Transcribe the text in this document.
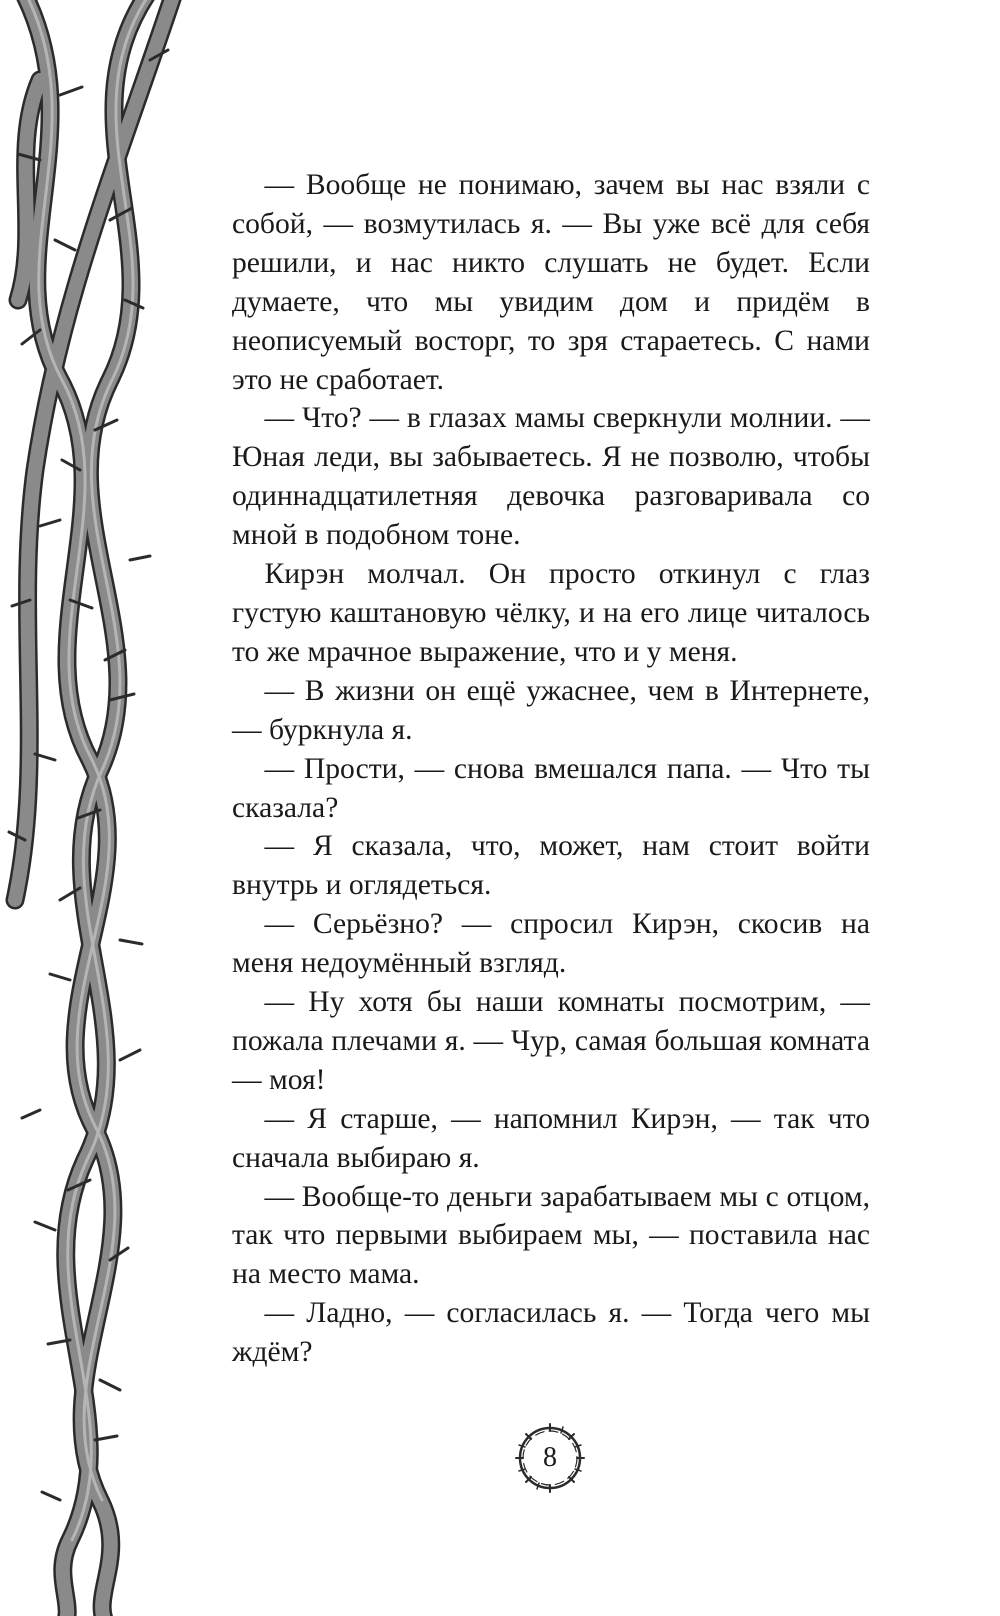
— Вообще не понимаю, зачем вы нас взяли с собой, — возмутилась я. — Вы уже всё для себя решили, и нас никто слушать не будет. Если думаете, что мы увидим дом и придём в неописуемый восторг, то зря стараетесь. С нами это не сработает.

— Что? — в глазах мамы сверкнули молнии. — Юная леди, вы забываетесь. Я не позволю, чтобы одиннадцатилетняя девочка разговаривала со мной в подобном тоне.

Кирэн молчал. Он просто откинул с глаз густую каштановую чёлку, и на его лице читалось то же мрачное выражение, что и у меня.

— В жизни он ещё ужаснее, чем в Интернете, — буркнула я.

— Прости, — снова вмешался папа. — Что ты сказала?

— Я сказала, что, может, нам стоит войти внутрь и оглядеться.

— Серьёзно? — спросил Кирэн, скосив на меня недоумённый взгляд.

— Ну хотя бы наши комнаты посмотрим, — пожала плечами я. — Чур, самая большая комната — моя!

— Я старше, — напомнил Кирэн, — так что сначала выбираю я.

— Вообще-то деньги зарабатываем мы с отцом, так что первыми выбираем мы, — поставила нас на место мама.

— Ладно, — согласилась я. — Тогда чего мы ждём?

8
